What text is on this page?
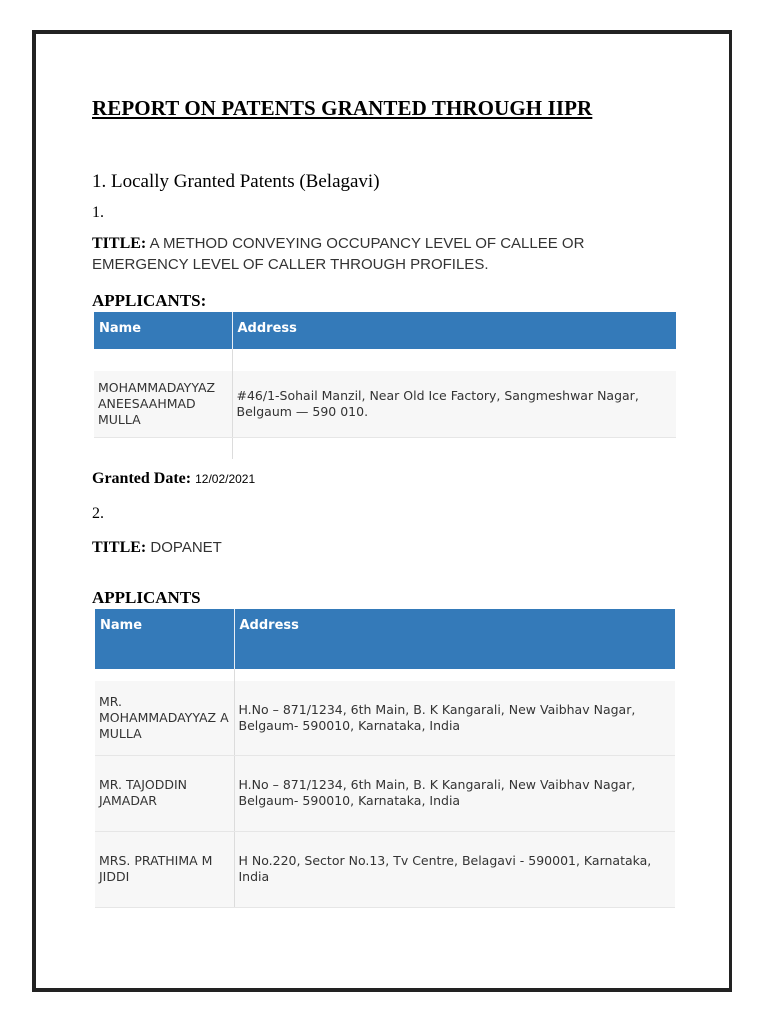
REPORT ON PATENTS GRANTED THROUGH IIPR
1. Locally Granted Patents (Belagavi)
1.
TITLE: A METHOD CONVEYING OCCUPANCY LEVEL OF CALLEE OR EMERGENCY LEVEL OF CALLER THROUGH PROFILES.
APPLICANTS:
Name	Address

MOHAMMADAYYAZ ANEESAAHMAD MULLA	#46/1-Sohail Manzil, Near Old Ice Factory, Sangmeshwar Nagar, Belgaum — 590 010.

Granted Date: 12/02/2021
2.
TITLE: DOPANET
APPLICANTS
Name	Address

MR. MOHAMMADAYYAZ A MULLA	H.No – 871/1234, 6th Main, B. K Kangarali, New Vaibhav Nagar, Belgaum- 590010, Karnataka, India
MR. TAJODDIN JAMADAR	H.No – 871/1234, 6th Main, B. K Kangarali, New Vaibhav Nagar, Belgaum- 590010, Karnataka, India
MRS. PRATHIMA M JIDDI	H No.220, Sector No.13, Tv Centre, Belagavi - 590001, Karnataka, India
